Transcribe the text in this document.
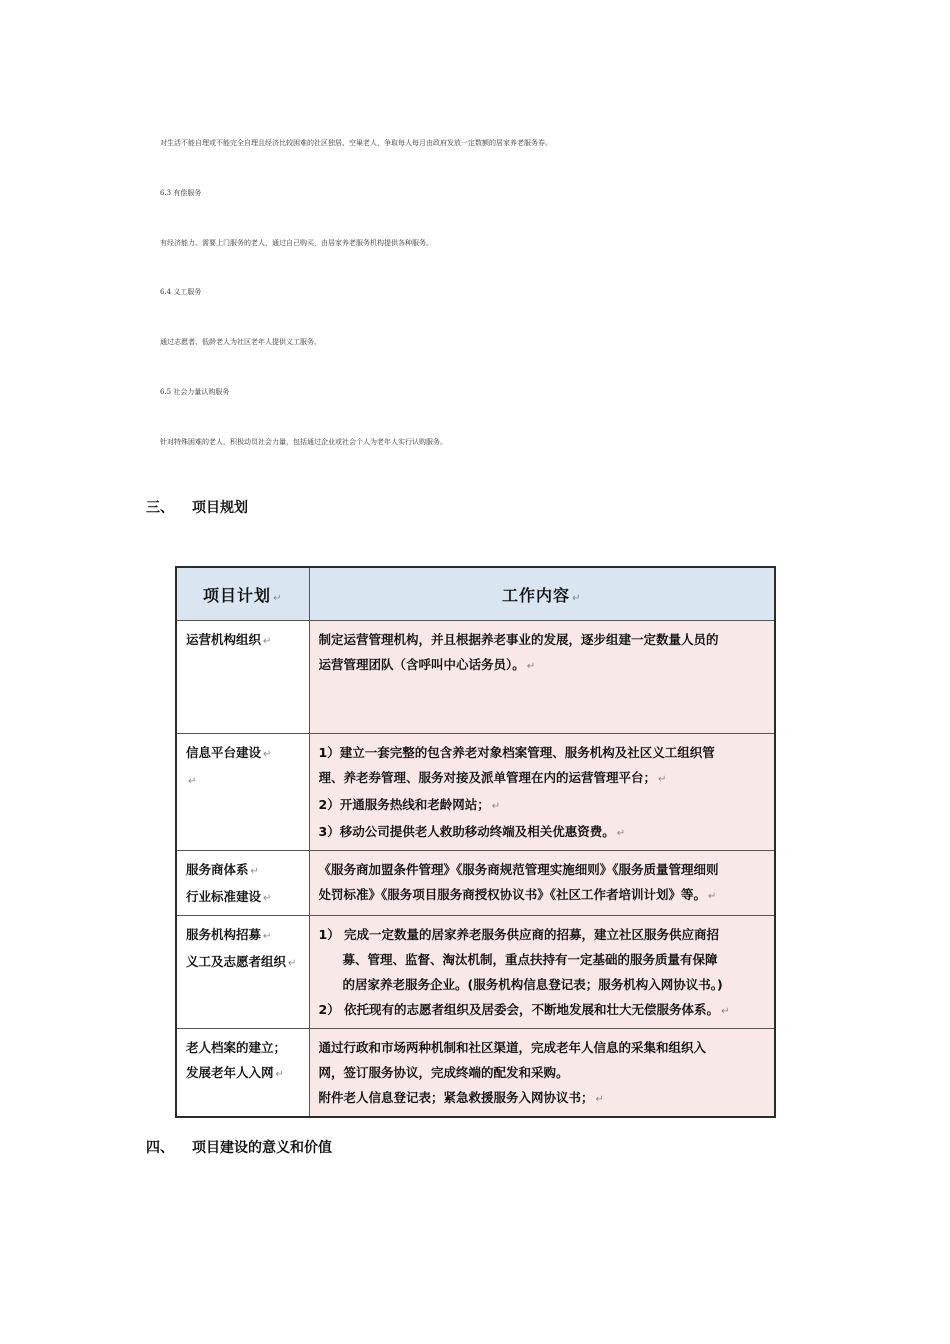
对生活不能自理或不能完全自理且经济比较困难的社区独居、空巢老人，争取每人每月由政府发放一定数额的居家养老服务券。

6.3 有偿服务

有经济能力、需要上门服务的老人，通过自己购买，由居家养老服务机构提供各种服务。

6.4 义工服务

通过志愿者、低龄老人为社区老年人提供义工服务。

6.5 社会力量认购服务

针对特殊困难的老人，积极动员社会力量，包括通过企业或社会个人为老年人实行认购服务。

三、 项目规划
项目计划 ↵	工作内容 ↵

运营机构组织 ↵	制定运营管理机构，并且根据养老事业的发展，逐步组建一定数量人员的
运营管理团队（含呼叫中心话务员）。 ↵

信息平台建设 ↵
↵	1）建立一套完整的包含养老对象档案管理、服务机构及社区义工组织管
理、养老券管理、服务对接及派单管理在内的运营管理平台； ↵
2）开通服务热线和老龄网站； ↵
3）移动公司提供老人救助移动终端及相关优惠资费。 ↵

服务商体系 ↵
行业标准建设 ↵	《服务商加盟条件管理》《服务商规范管理实施细则》《服务质量管理细则
处罚标准》《服务项目服务商授权协议书》《社区工作者培训计划》等。 ↵

服务机构招募 ↵
义工及志愿者组织 ↵	1） 完成一定数量的居家养老服务供应商的招募，建立社区服务供应商招
募、管理、监督、淘汰机制，重点扶持有一定基础的服务质量有保障
的居家养老服务企业。(服务机构信息登记表；服务机构入网协议书。)
2） 依托现有的志愿者组织及居委会，不断地发展和壮大无偿服务体系。 ↵

老人档案的建立；
发展老年人入网 ↵	通过行政和市场两种机制和社区渠道，完成老年人信息的采集和组织入
网，签订服务协议，完成终端的配发和采购。
附件老人信息登记表；紧急救援服务入网协议书； ↵
四、 项目建设的意义和价值
